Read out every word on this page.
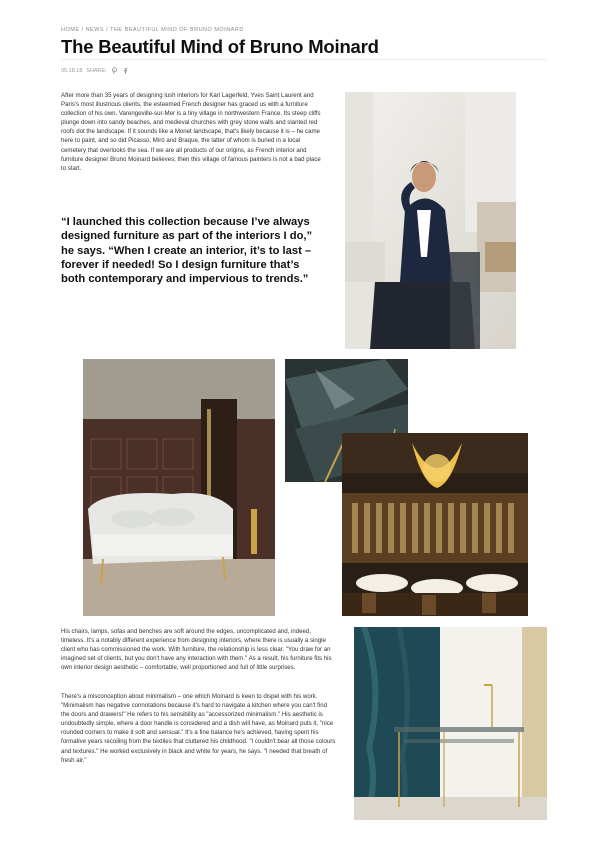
HOME / NEWS / THE BEAUTIFUL MIND OF BRUNO MOINARD
The Beautiful Mind of Bruno Moinard
05.18.18 SHARE:

After more than 35 years of designing lush interiors for Karl Lagerfeld, Yves Saint Laurent and Paris's most illustrious clients, the esteemed French designer has graced us with a furniture collection of his own. Varengeville-sur-Mer is a tiny village in northwestern France. Its steep cliffs plunge down into sandy beaches, and medieval churches with grey stone walls and slanted red roofs dot the landscape. If it sounds like a Monet landscape, that's likely because it is – he came here to paint, and so did Picasso, Miró and Braque, the latter of whom is buried in a local cemetery that overlooks the sea. If we are all products of our origins, as French interior and furniture designer Bruno Moinard believes, then this village of famous painters is not a bad place to start.

“I launched this collection because I’ve always designed furniture as part of the interiors I do,” he says. “When I create an interior, it’s to last –forever if needed! So I design furniture that’s both contemporary and impervious to trends.”

His chairs, lamps, sofas and benches are soft around the edges, uncomplicated and, indeed, timeless. It's a notably different experience from designing interiors, where there is usually a single client who has commissioned the work. With furniture, the relationship is less clear. "You draw for an imagined set of clients, but you don't have any interaction with them." As a result, his furniture fits his own interior design aesthetic – comfortable, well proportioned and full of little surprises.

There's a misconception about minimalism – one which Moinard is keen to dispel with his work. "Minimalism has negative connotations because it's hard to navigate a kitchen where you can't find the doors and drawers!" He refers to his sensibility as "accessorized minimalism." His aesthetic is undoubtedly simple, where a door handle is considered and a dish will have, as Moinard puts it, "nice rounded corners to make it soft and sensual." It's a fine balance he's achieved, having spent his formative years recoiling from the textiles that cluttered his childhood. "I couldn't bear all those colours and textures." He worked exclusively in black and white for years, he says. "I needed that breath of fresh air."
